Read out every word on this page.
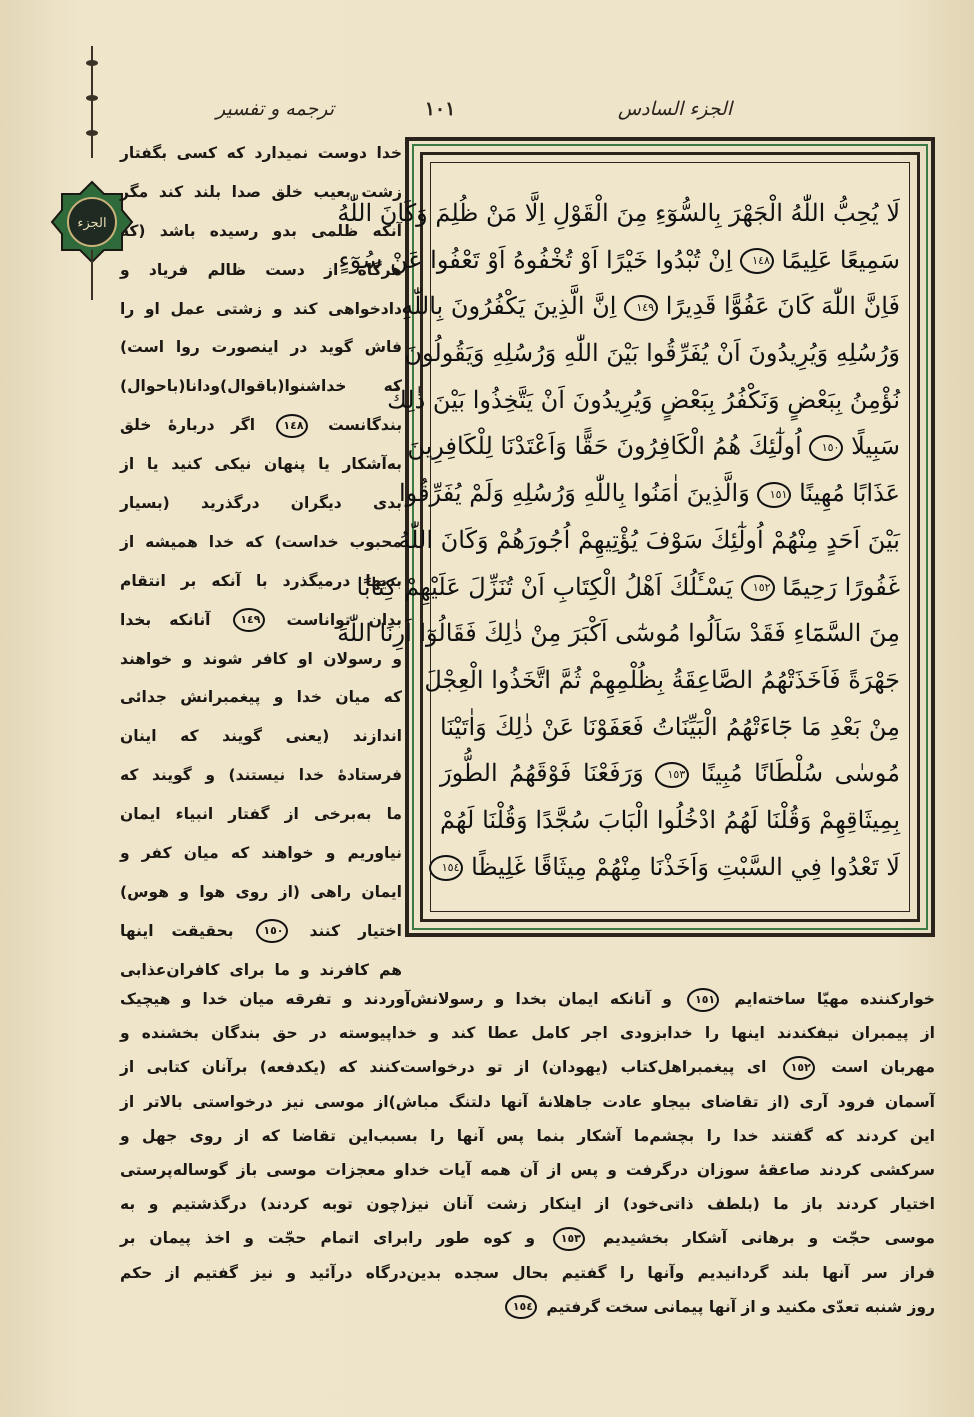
ترجمه و تفسیر	١٠١	الجزء السادس
الجزء	لَا يُحِبُّ اللّٰهُ الْجَهْرَ بِالسُّوٓءِ مِنَ الْقَوْلِ اِلَّا مَنْ ظُلِمَ وَكَانَ اللّٰهُ
سَمِيعًا عَلِيمًا ١٤٨ اِنْ تُبْدُوا خَيْرًا اَوْ تُخْفُوهُ اَوْ تَعْفُوا عَنْ سُوٓءٍ
فَاِنَّ اللّٰهَ كَانَ عَفُوًّا قَدِيرًا ١٤٩ اِنَّ الَّذِينَ يَكْفُرُونَ بِاللّٰهِ
وَرُسُلِهِ وَيُرِيدُونَ اَنْ يُفَرِّقُوا بَيْنَ اللّٰهِ وَرُسُلِهِ وَيَقُولُونَ
نُؤْمِنُ بِبَعْضٍ وَنَكْفُرُ بِبَعْضٍ وَيُرِيدُونَ اَنْ يَتَّخِذُوا بَيْنَ ذٰلِكَ
سَبِيلًا ١٥٠ اُولٰٓئِكَ هُمُ الْكَافِرُونَ حَقًّا وَاَعْتَدْنَا لِلْكَافِرِينَ
عَذَابًا مُهِينًا ١٥١ وَالَّذِينَ اٰمَنُوا بِاللّٰهِ وَرُسُلِهِ وَلَمْ يُفَرِّقُوا
بَيْنَ اَحَدٍ مِنْهُمْ اُولٰٓئِكَ سَوْفَ يُؤْتِيهِمْ اُجُورَهُمْ وَكَانَ اللّٰهُ
غَفُورًا رَحِيمًا ١٥٢ يَسْـَٔلُكَ اَهْلُ الْكِتَابِ اَنْ تُنَزِّلَ عَلَيْهِمْ كِتَابًا
مِنَ السَّمَٓاءِ فَقَدْ سَاَلُوا مُوسٰٓى اَكْبَرَ مِنْ ذٰلِكَ فَقَالُوٓا اَرِنَا اللّٰهَ
جَهْرَةً فَاَخَذَتْهُمُ الصَّاعِقَةُ بِظُلْمِهِمْ ثُمَّ اتَّخَذُوا الْعِجْلَ
مِنْ بَعْدِ مَا جَٓاءَتْهُمُ الْبَيِّنَاتُ فَعَفَوْنَا عَنْ ذٰلِكَ وَاٰتَيْنَا
مُوسٰى سُلْطَانًا مُبِينًا ١٥٣ وَرَفَعْنَا فَوْقَهُمُ الطُّورَ
بِمِيثَاقِهِمْ وَقُلْنَا لَهُمُ ادْخُلُوا الْبَابَ سُجَّدًا وَقُلْنَا لَهُمْ
لَا تَعْدُوا فِي السَّبْتِ وَاَخَذْنَا مِنْهُمْ مِيثَاقًا غَلِيظًا ١٥٤
خدا دوست نمیدارد که کسی بگفتار
زشت بعیب خلق صدا بلند کند مگر
آنکه ظلمی بدو رسیده باشد (که
هرگاه از دست ظالم فریاد و
دادخواهی کند و زشتی عمل او را
فاش گوید در اینصورت روا است)
که خداشنوا(باقوال)ودانا(باحوال)
بندگانست ١٤٨ اگر دربارهٔ خلق
به‌آشکار یا پنهان نیکی کنید یا از
بدی دیگران درگذرید (بسیار
محبوب خداست) که خدا همیشه از
بدیها درمیگذرد با آنکه بر انتقام
بدان تواناست ١٤٩ آنانکه بخدا
و رسولان او کافر شوند و خواهند
که میان خدا و پیغمبرانش جدائی
اندازند (یعنی گویند که اینان
فرستادهٔ خدا نیستند) و گویند که
ما به‌برخی از گفتار انبیاء ایمان
نیاوریم و خواهند که میان کفر و
ایمان راهی (از روی هوا و هوس)
اختیار کنند ١٥٠ بحقیقت اینها
هم کافرند و ما برای کافران‌عذابی
خوارکننده مهیّا ساخته‌ایم ١٥١ و آنانکه ایمان بخدا و رسولانش‌آوردند و تفرقه میان خدا و هیچیک
از پیمبران نیفکندند اینها را خدابزودی اجر کامل عطا کند و خداپیوسته در حق بندگان بخشنده و
مهربان است ١٥٢ ای پیغمبراهل‌کتاب (یهودان) از تو درخواست‌کنند که (یکدفعه) برآنان کتابی از
آسمان فرود آری (از تقاضای بیجاو عادت جاهلانهٔ آنها دلتنگ مباش)از موسی نیز درخواستی بالاتر از
این کردند که گفتند خدا را بچشم‌ما آشکار بنما پس آنها را بسبب‌این تقاضا که از روی جهل و
سرکشی کردند صاعقهٔ سوزان درگرفت و پس از آن همه آیات خداو معجزات موسی باز گوساله‌پرستی
اختیار کردند باز ما (بلطف ذاتی‌خود) از اینکار زشت آنان نیز(چون توبه کردند) درگذشتیم و به
موسی حجّت و برهانی آشکار بخشیدیم ١٥٣ و کوه طور رابرای اتمام حجّت و اخذ پیمان بر
فراز سر آنها بلند گردانیدیم وآنها را گفتیم بحال سجده بدین‌درگاه درآئید و نیز گفتیم از حکم
روز شنبه تعدّی مکنید و از آنها پیمانی سخت گرفتیم ١٥٤
